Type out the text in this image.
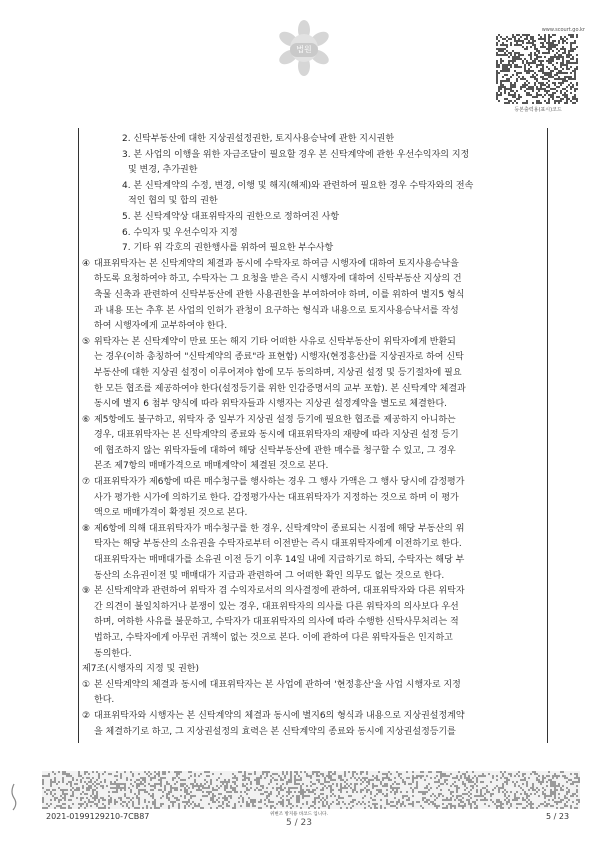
법원
www.scourt.go.kr
등본출력용(표시)코드
2. 신탁부동산에 대한 지상권설정권한, 토지사용승낙에 관한 지시권한
3. 본 사업의 이행을 위한 자금조달이 필요할 경우 본 신탁계약에 관한 우선수익자의 지정
및 변경, 추가권한
4. 본 신탁계약의 수정, 변경, 이행 및 해지(해제)와 관련하여 필요한 경우 수탁자와의 전속
적인 협의 및 합의 권한
5. 본 신탁계약상 대표위탁자의 권한으로 정하여진 사항
6. 수익자 및 우선수익자 지정
7. 기타 위 각호의 권한행사를 위하여 필요한 부수사항
④ 대표위탁자는 본 신탁계약의 체결과 동시에 수탁자로 하여금 시행자에 대하여 토지사용승낙을
하도록 요청하여야 하고, 수탁자는 그 요청을 받은 즉시 시행자에 대하여 신탁부동산 지상의 건
축물 신축과 관련하여 신탁부동산에 관한 사용권한을 부여하여야 하며, 이를 위하여 별지5 형식
과 내용 또는 추후 본 사업의 인허가 관청이 요구하는 형식과 내용으로 토지사용승낙서를 작성
하여 시행자에게 교부하여야 한다.
⑤ 위탁자는 본 신탁계약이 만료 또는 해지 기타 어떠한 사유로 신탁부동산이 위탁자에게 반환되
는 경우(이하 총칭하여 "신탁계약의 종료"라 표현함) 시행자(현정흥산)를 지상권자로 하여 신탁
부동산에 대한 지상권 설정이 이루어져야 함에 모두 동의하며, 지상권 설정 및 등기절차에 필요
한 모든 협조를 제공하여야 한다(설정등기를 위한 인감증명서의 교부 포함). 본 신탁계약 체결과
동시에 별지 6 첨부 양식에 따라 위탁자들과 시행자는 지상권 설정계약을 별도로 체결한다.
⑥ 제5항에도 불구하고, 위탁자 중 일부가 지상권 설정 등기에 필요한 협조를 제공하지 아니하는
경우, 대표위탁자는 본 신탁계약의 종료와 동시에 대표위탁자의 재량에 따라 지상권 설정 등기
에 협조하지 않는 위탁자들에 대하여 해당 신탁부동산에 관한 매수를 청구할 수 있고, 그 경우
본조 제7항의 매매가격으로 매매계약이 체결된 것으로 본다.
⑦ 대표위탁자가 제6항에 따른 매수청구를 행사하는 경우 그 행사 가액은 그 행사 당시에 감정평가
사가 평가한 시가에 의하기로 한다. 감정평가사는 대표위탁자가 지정하는 것으로 하며 이 평가
액으로 매매가격이 확정된 것으로 본다.
⑧ 제6항에 의해 대표위탁자가 매수청구를 한 경우, 신탁계약이 종료되는 시점에 해당 부동산의 위
탁자는 해당 부동산의 소유권을 수탁자로부터 이전받는 즉시 대표위탁자에게 이전하기로 한다.
대표위탁자는 매매대가를 소유권 이전 등기 이후 14일 내에 지급하기로 하되, 수탁자는 해당 부
동산의 소유권이전 및 매매대가 지급과 관련하여 그 어떠한 확인 의무도 없는 것으로 한다.
⑨ 본 신탁계약과 관련하여 위탁자 겸 수익자로서의 의사결정에 관하여, 대표위탁자와 다른 위탁자
간 의견이 불일치하거나 분쟁이 있는 경우, 대표위탁자의 의사를 다른 위탁자의 의사보다 우선
하며, 여하한 사유를 불문하고, 수탁자가 대표위탁자의 의사에 따라 수행한 신탁사무처리는 적
법하고, 수탁자에게 아무런 귀책이 없는 것으로 본다. 이에 관하여 다른 위탁자들은 인지하고
동의한다.
제7조(시행자의 지정 및 권한)
① 본 신탁계약의 체결과 동시에 대표위탁자는 본 사업에 관하여 '현정흥산'을 사업 시행자로 지정
한다.
② 대표위탁자와 시행자는 본 신탁계약의 체결과 동시에 별지6의 형식과 내용으로 지상권설정계약
을 체결하기로 하고, 그 지상권설정의 효력은 본 신탁계약의 종료와 동시에 지상권설정등기를
2021-0199129210-7CB87	위변조 방지용 바코드 입니다.
5 / 23
5 / 23
